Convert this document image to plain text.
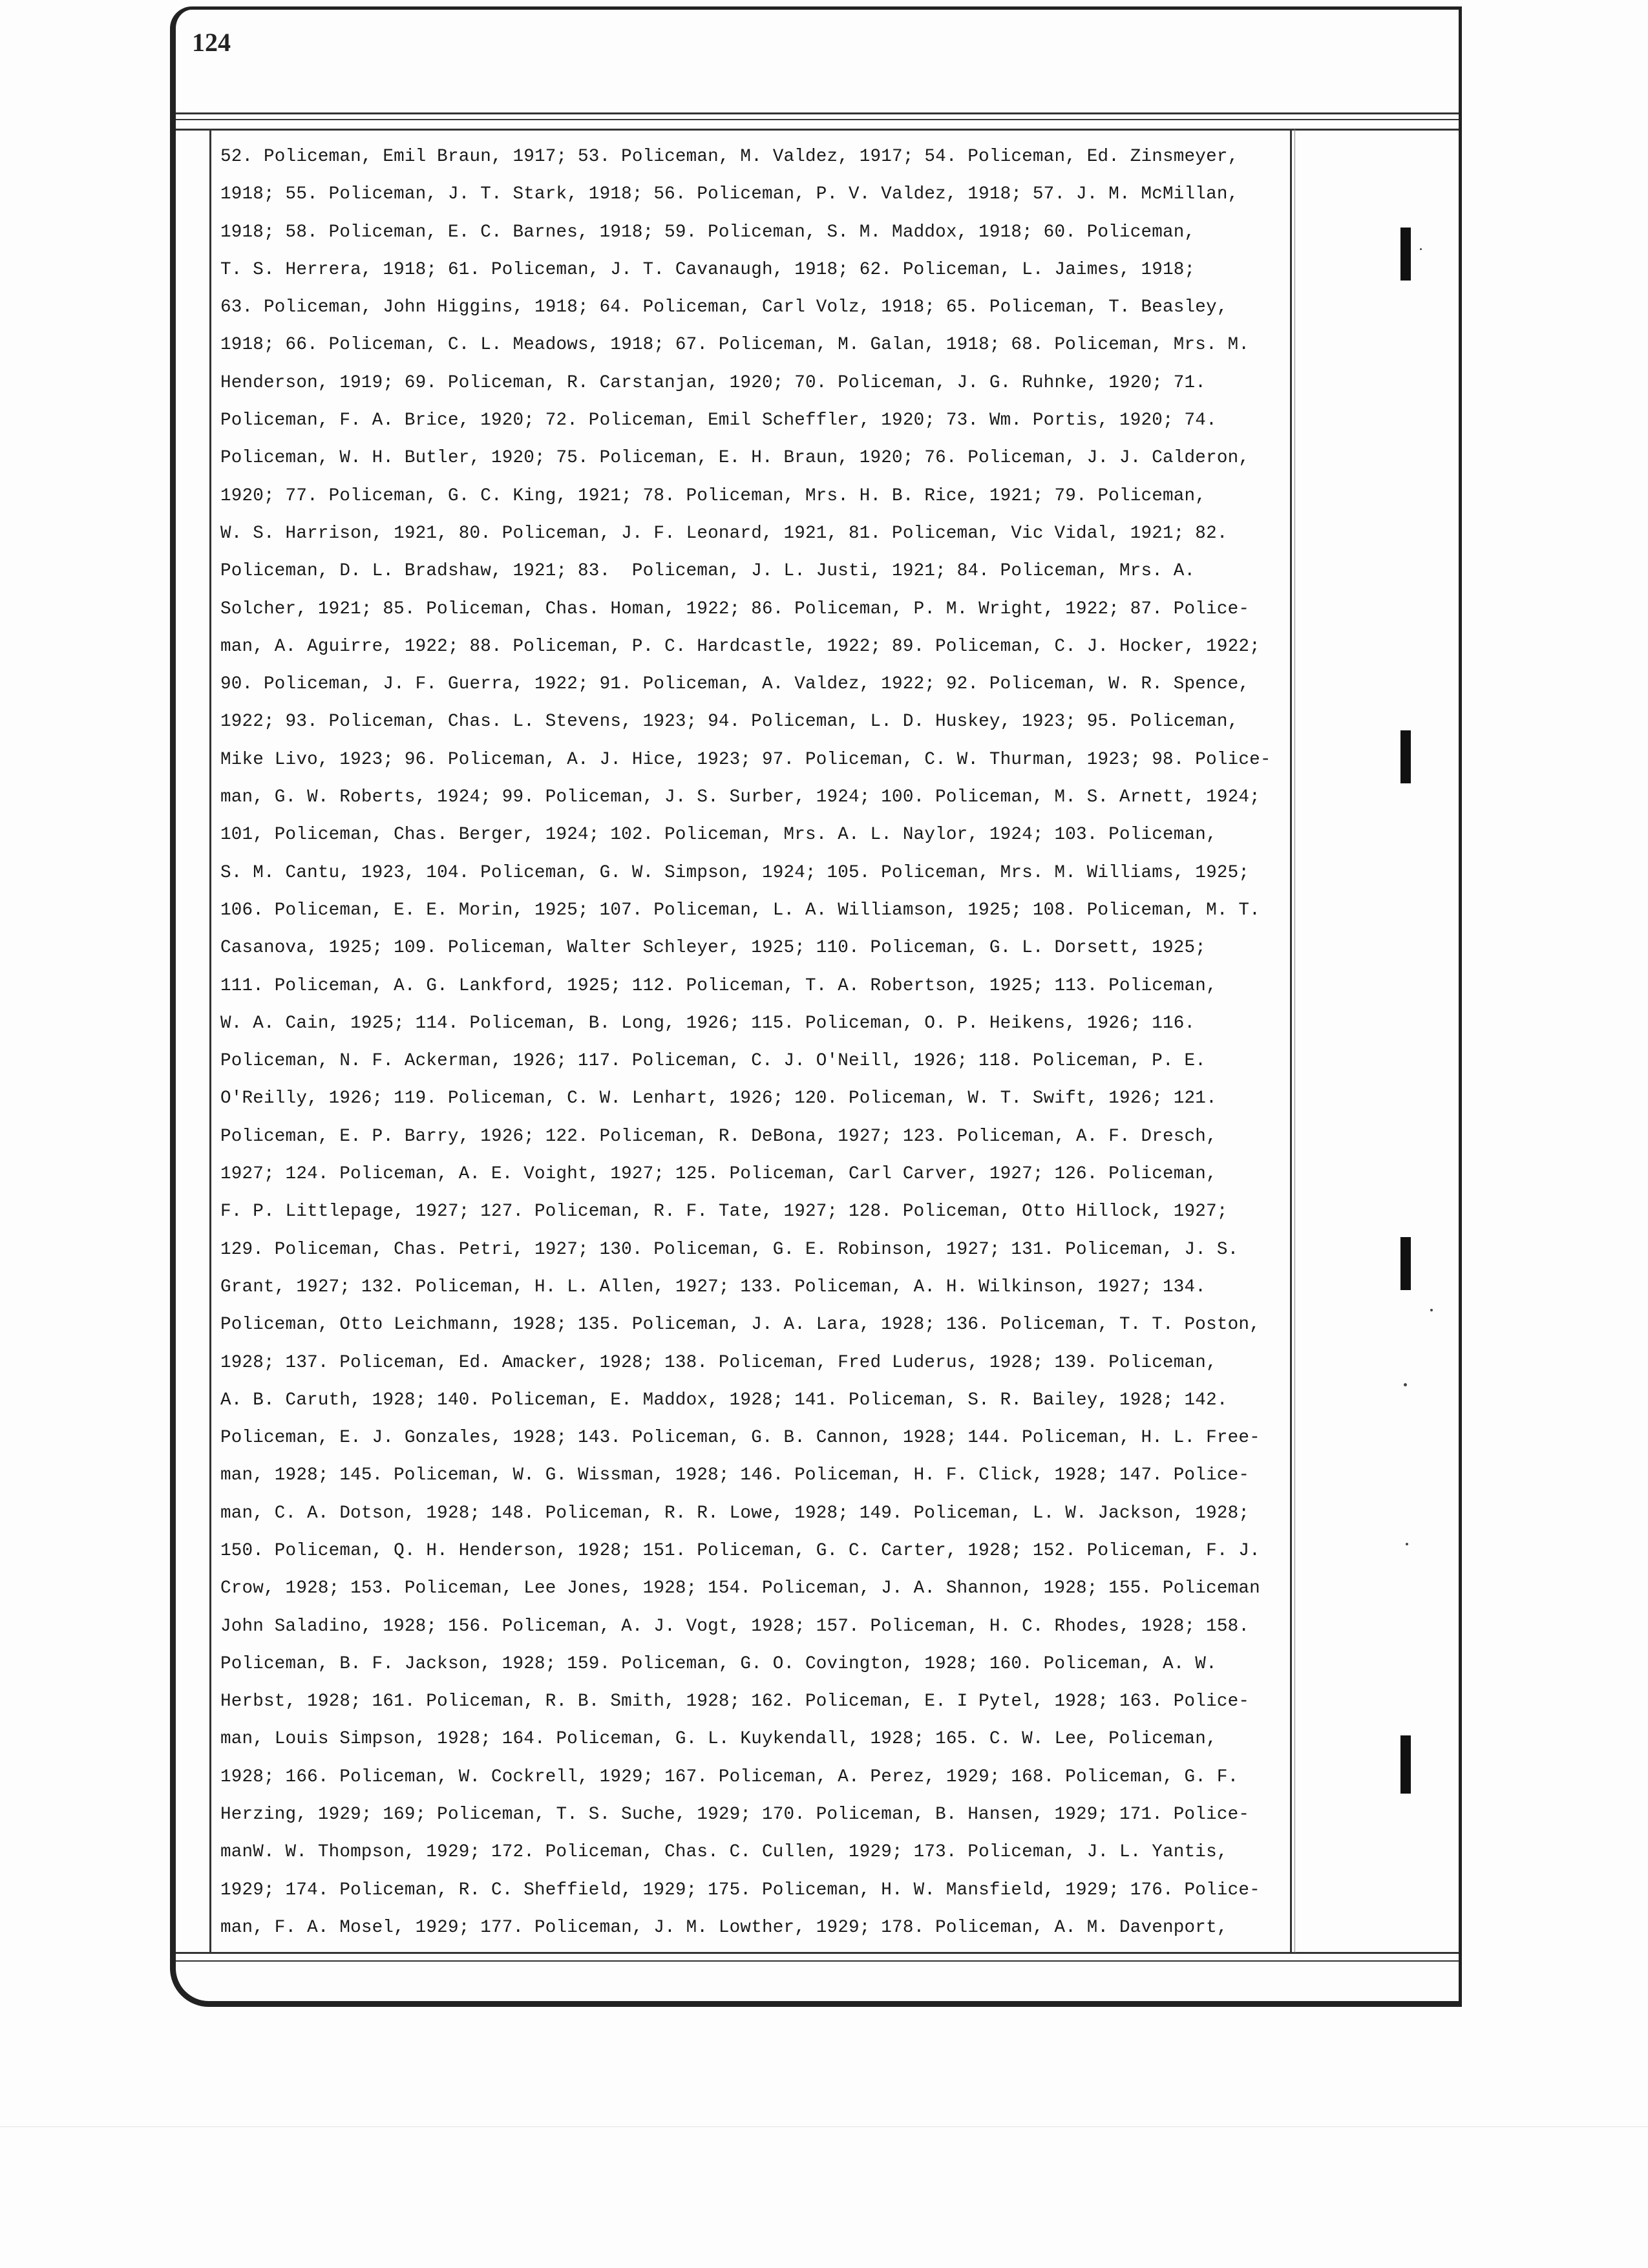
124
52. Policeman, Emil Braun, 1917; 53. Policeman, M. Valdez, 1917; 54. Policeman, Ed. Zinsmeyer,
1918; 55. Policeman, J. T. Stark, 1918; 56. Policeman, P. V. Valdez, 1918; 57. J. M. McMillan,
1918; 58. Policeman, E. C. Barnes, 1918; 59. Policeman, S. M. Maddox, 1918; 60. Policeman,
T. S. Herrera, 1918; 61. Policeman, J. T. Cavanaugh, 1918; 62. Policeman, L. Jaimes, 1918;
63. Policeman, John Higgins, 1918; 64. Policeman, Carl Volz, 1918; 65. Policeman, T. Beasley,
1918; 66. Policeman, C. L. Meadows, 1918; 67. Policeman, M. Galan, 1918; 68. Policeman, Mrs. M.
Henderson, 1919; 69. Policeman, R. Carstanjan, 1920; 70. Policeman, J. G. Ruhnke, 1920; 71.
Policeman, F. A. Brice, 1920; 72. Policeman, Emil Scheffler, 1920; 73. Wm. Portis, 1920; 74.
Policeman, W. H. Butler, 1920; 75. Policeman, E. H. Braun, 1920; 76. Policeman, J. J. Calderon,
1920; 77. Policeman, G. C. King, 1921; 78. Policeman, Mrs. H. B. Rice, 1921; 79. Policeman,
W. S. Harrison, 1921, 80. Policeman, J. F. Leonard, 1921, 81. Policeman, Vic Vidal, 1921; 82.
Policeman, D. L. Bradshaw, 1921; 83.  Policeman, J. L. Justi, 1921; 84. Policeman, Mrs. A.
Solcher, 1921; 85. Policeman, Chas. Homan, 1922; 86. Policeman, P. M. Wright, 1922; 87. Police-
man, A. Aguirre, 1922; 88. Policeman, P. C. Hardcastle, 1922; 89. Policeman, C. J. Hocker, 1922;
90. Policeman, J. F. Guerra, 1922; 91. Policeman, A. Valdez, 1922; 92. Policeman, W. R. Spence,
1922; 93. Policeman, Chas. L. Stevens, 1923; 94. Policeman, L. D. Huskey, 1923; 95. Policeman,
Mike Livo, 1923; 96. Policeman, A. J. Hice, 1923; 97. Policeman, C. W. Thurman, 1923; 98. Police-
man, G. W. Roberts, 1924; 99. Policeman, J. S. Surber, 1924; 100. Policeman, M. S. Arnett, 1924;
101, Policeman, Chas. Berger, 1924; 102. Policeman, Mrs. A. L. Naylor, 1924; 103. Policeman,
S. M. Cantu, 1923, 104. Policeman, G. W. Simpson, 1924; 105. Policeman, Mrs. M. Williams, 1925;
106. Policeman, E. E. Morin, 1925; 107. Policeman, L. A. Williamson, 1925; 108. Policeman, M. T.
Casanova, 1925; 109. Policeman, Walter Schleyer, 1925; 110. Policeman, G. L. Dorsett, 1925;
111. Policeman, A. G. Lankford, 1925; 112. Policeman, T. A. Robertson, 1925; 113. Policeman,
W. A. Cain, 1925; 114. Policeman, B. Long, 1926; 115. Policeman, O. P. Heikens, 1926; 116.
Policeman, N. F. Ackerman, 1926; 117. Policeman, C. J. O'Neill, 1926; 118. Policeman, P. E.
O'Reilly, 1926; 119. Policeman, C. W. Lenhart, 1926; 120. Policeman, W. T. Swift, 1926; 121.
Policeman, E. P. Barry, 1926; 122. Policeman, R. DeBona, 1927; 123. Policeman, A. F. Dresch,
1927; 124. Policeman, A. E. Voight, 1927; 125. Policeman, Carl Carver, 1927; 126. Policeman,
F. P. Littlepage, 1927; 127. Policeman, R. F. Tate, 1927; 128. Policeman, Otto Hillock, 1927;
129. Policeman, Chas. Petri, 1927; 130. Policeman, G. E. Robinson, 1927; 131. Policeman, J. S.
Grant, 1927; 132. Policeman, H. L. Allen, 1927; 133. Policeman, A. H. Wilkinson, 1927; 134.
Policeman, Otto Leichmann, 1928; 135. Policeman, J. A. Lara, 1928; 136. Policeman, T. T. Poston,
1928; 137. Policeman, Ed. Amacker, 1928; 138. Policeman, Fred Luderus, 1928; 139. Policeman,
A. B. Caruth, 1928; 140. Policeman, E. Maddox, 1928; 141. Policeman, S. R. Bailey, 1928; 142.
Policeman, E. J. Gonzales, 1928; 143. Policeman, G. B. Cannon, 1928; 144. Policeman, H. L. Free-
man, 1928; 145. Policeman, W. G. Wissman, 1928; 146. Policeman, H. F. Click, 1928; 147. Police-
man, C. A. Dotson, 1928; 148. Policeman, R. R. Lowe, 1928; 149. Policeman, L. W. Jackson, 1928;
150. Policeman, Q. H. Henderson, 1928; 151. Policeman, G. C. Carter, 1928; 152. Policeman, F. J.
Crow, 1928; 153. Policeman, Lee Jones, 1928; 154. Policeman, J. A. Shannon, 1928; 155. Policeman
John Saladino, 1928; 156. Policeman, A. J. Vogt, 1928; 157. Policeman, H. C. Rhodes, 1928; 158.
Policeman, B. F. Jackson, 1928; 159. Policeman, G. O. Covington, 1928; 160. Policeman, A. W.
Herbst, 1928; 161. Policeman, R. B. Smith, 1928; 162. Policeman, E. I Pytel, 1928; 163. Police-
man, Louis Simpson, 1928; 164. Policeman, G. L. Kuykendall, 1928; 165. C. W. Lee, Policeman,
1928; 166. Policeman, W. Cockrell, 1929; 167. Policeman, A. Perez, 1929; 168. Policeman, G. F.
Herzing, 1929; 169; Policeman, T. S. Suche, 1929; 170. Policeman, B. Hansen, 1929; 171. Police-
manW. W. Thompson, 1929; 172. Policeman, Chas. C. Cullen, 1929; 173. Policeman, J. L. Yantis,
1929; 174. Policeman, R. C. Sheffield, 1929; 175. Policeman, H. W. Mansfield, 1929; 176. Police-
man, F. A. Mosel, 1929; 177. Policeman, J. M. Lowther, 1929; 178. Policeman, A. M. Davenport,
